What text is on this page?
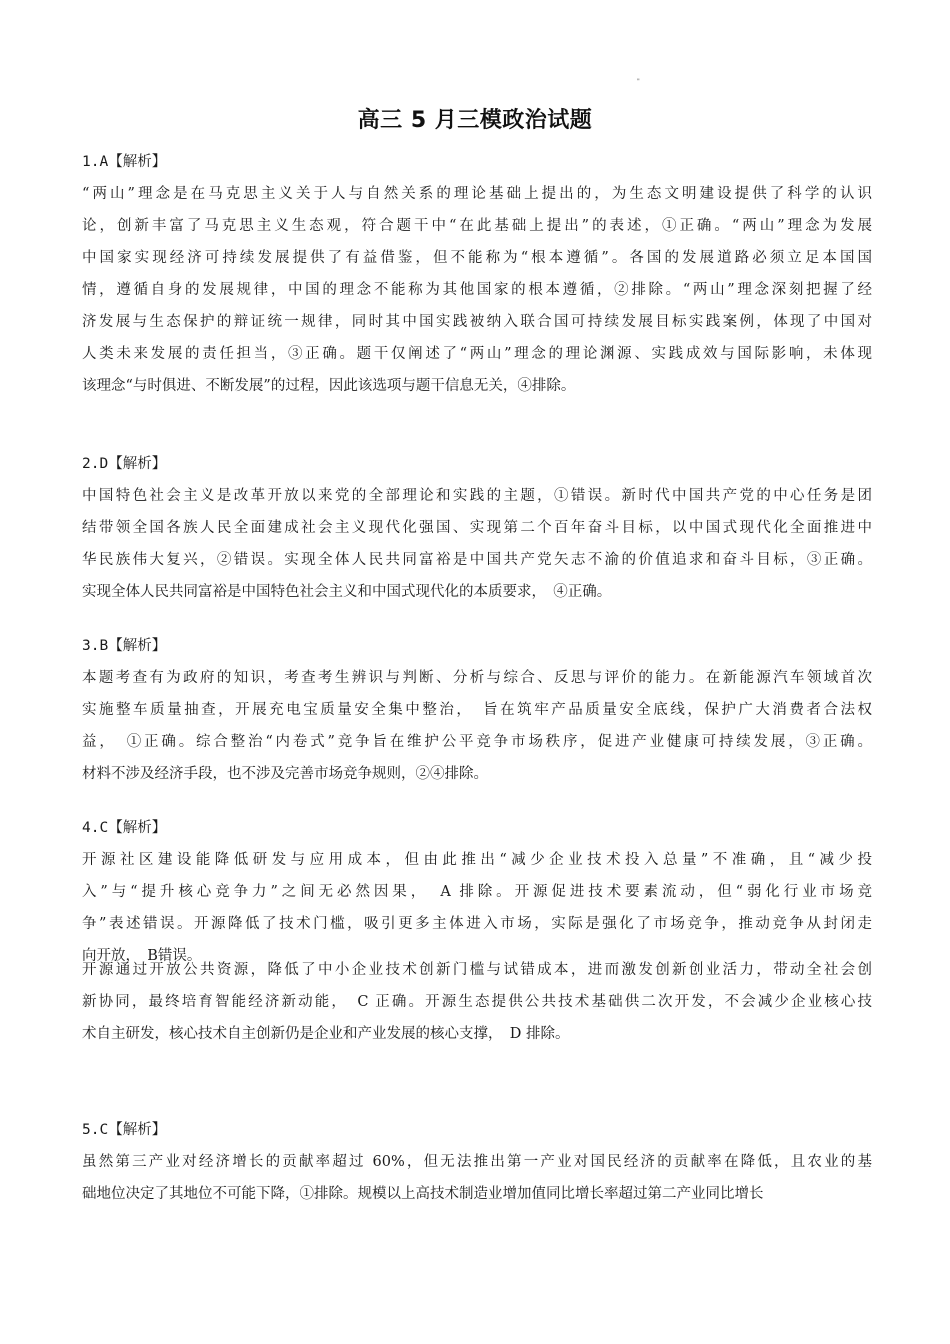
"
高三 5 月三模政治试题

1.A【解析】

“两山”理念是在马克思主义关于人与自然关系的理论基础上提出的，为生态文明建设提供了科学的认识
论，创新丰富了马克思主义生态观，符合题干中“在此基础上提出”的表述，①正确。“两山”理念为发展
中国家实现经济可持续发展提供了有益借鉴，但不能称为“根本遵循”。各国的发展道路必须立足本国国
情，遵循自身的发展规律，中国的理念不能称为其他国家的根本遵循，②排除。“两山”理念深刻把握了经
济发展与生态保护的辩证统一规律，同时其中国实践被纳入联合国可持续发展目标实践案例，体现了中国对
人类未来发展的责任担当，③正确。题干仅阐述了“两山”理念的理论渊源、实践成效与国际影响，未体现
该理念“与时俱进、不断发展”的过程，因此该选项与题干信息无关，④排除。

2.D【解析】

中国特色社会主义是改革开放以来党的全部理论和实践的主题，①错误。新时代中国共产党的中心任务是团
结带领全国各族人民全面建成社会主义现代化强国、实现第二个百年奋斗目标，以中国式现代化全面推进中
华民族伟大复兴，②错误。实现全体人民共同富裕是中国共产党矢志不渝的价值追求和奋斗目标，③正确。
实现全体人民共同富裕是中国特色社会主义和中国式现代化的本质要求，　④正确。

3.B【解析】

本题考查有为政府的知识，考查考生辨识与判断、分析与综合、反思与评价的能力。在新能源汽车领域首次
实施整车质量抽查，开展充电宝质量安全集中整治，　旨在筑牢产品质量安全底线，保护广大消费者合法权
益，　①正确。综合整治“内卷式”竞争旨在维护公平竞争市场秩序，促进产业健康可持续发展，③正确。
材料不涉及经济手段，也不涉及完善市场竞争规则，②④排除。

4.C【解析】

开源社区建设能降低研发与应用成本，但由此推出“减少企业技术投入总量”不准确，且“减少投
入”与“提升核心竞争力”之间无必然因果，　A 排除。开源促进技术要素流动，但“弱化行业市场竞
争”表述错误。开源降低了技术门槛，吸引更多主体进入市场，实际是强化了市场竞争，推动竞争从封闭走
向开放，　B错误。
开源通过开放公共资源，降低了中小企业技术创新门槛与试错成本，进而激发创新创业活力，带动全社会创
新协同，最终培育智能经济新动能，　C 正确。开源生态提供公共技术基础供二次开发，不会减少企业核心技
术自主研发，核心技术自主创新仍是企业和产业发展的核心支撑，　D 排除。

5.C【解析】

虽然第三产业对经济增长的贡献率超过 60%，但无法推出第一产业对国民经济的贡献率在降低，且农业的基
础地位决定了其地位不可能下降，①排除。规模以上高技术制造业增加值同比增长率超过第二产业同比增长
